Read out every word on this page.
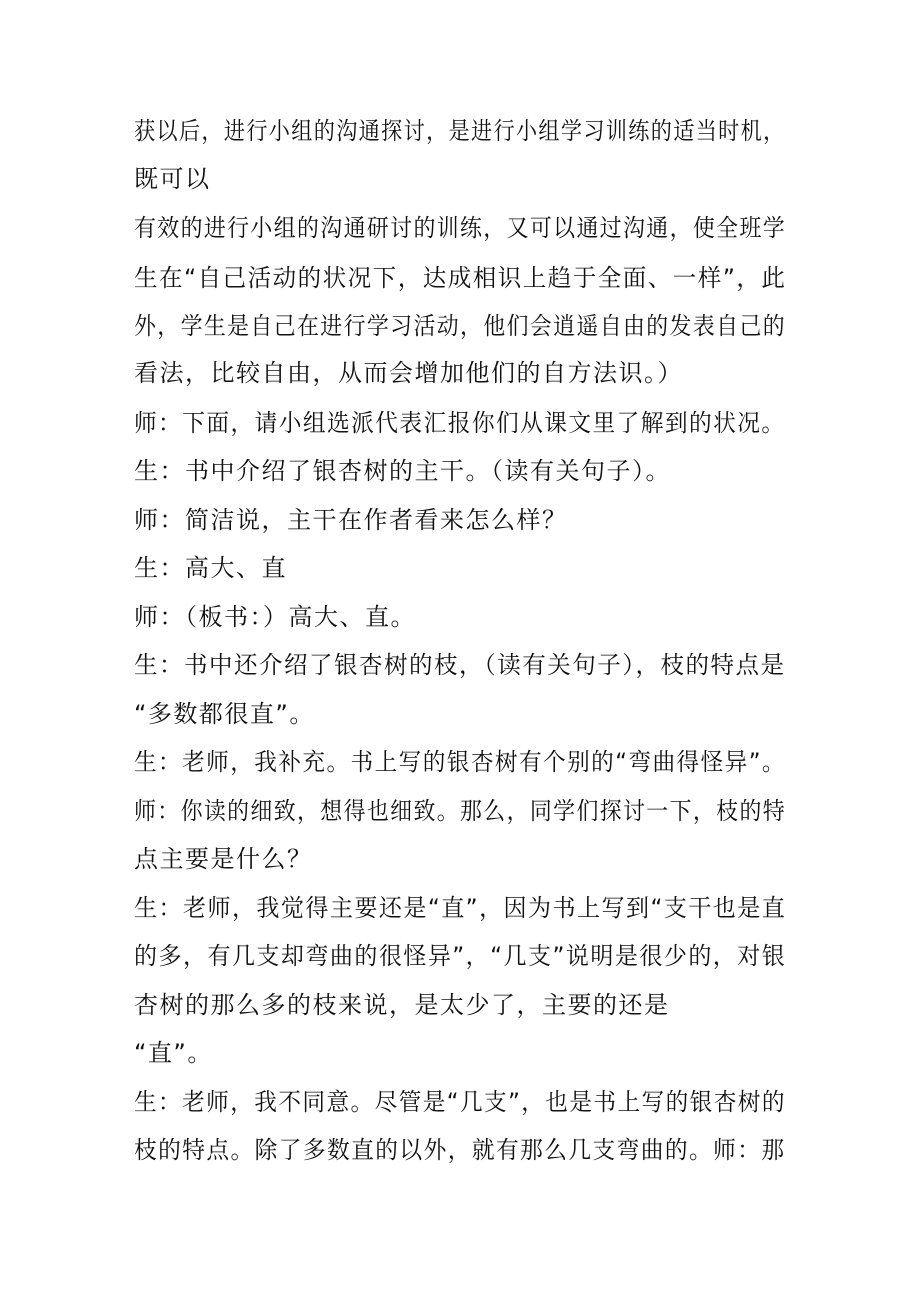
获以后，进行小组的沟通探讨，是进行小组学习训练的适当时机，
既可以
有效的进行小组的沟通研讨的训练，又可以通过沟通，使全班学
生在“自己活动的状况下，达成相识上趋于全面、一样”，此
外，学生是自己在进行学习活动，他们会逍遥自由的发表自己的
看法，比较自由，从而会增加他们的自方法识。）
师：下面，请小组选派代表汇报你们从课文里了解到的状况。
生：书中介绍了银杏树的主干。（读有关句子）。
师：简洁说，主干在作者看来怎么样？
生：高大、直
师：（板书：）高大、直。
生：书中还介绍了银杏树的枝，（读有关句子），枝的特点是
“多数都很直”。
生：老师，我补充。书上写的银杏树有个别的“弯曲得怪异”。
师：你读的细致，想得也细致。那么，同学们探讨一下，枝的特
点主要是什么？
生：老师，我觉得主要还是“直”，因为书上写到“支干也是直
的多，有几支却弯曲的很怪异”，“几支”说明是很少的，对银
杏树的那么多的枝来说，是太少了，主要的还是
“直”。
生：老师，我不同意。尽管是“几支”，也是书上写的银杏树的
枝的特点。除了多数直的以外，就有那么几支弯曲的。师：那
